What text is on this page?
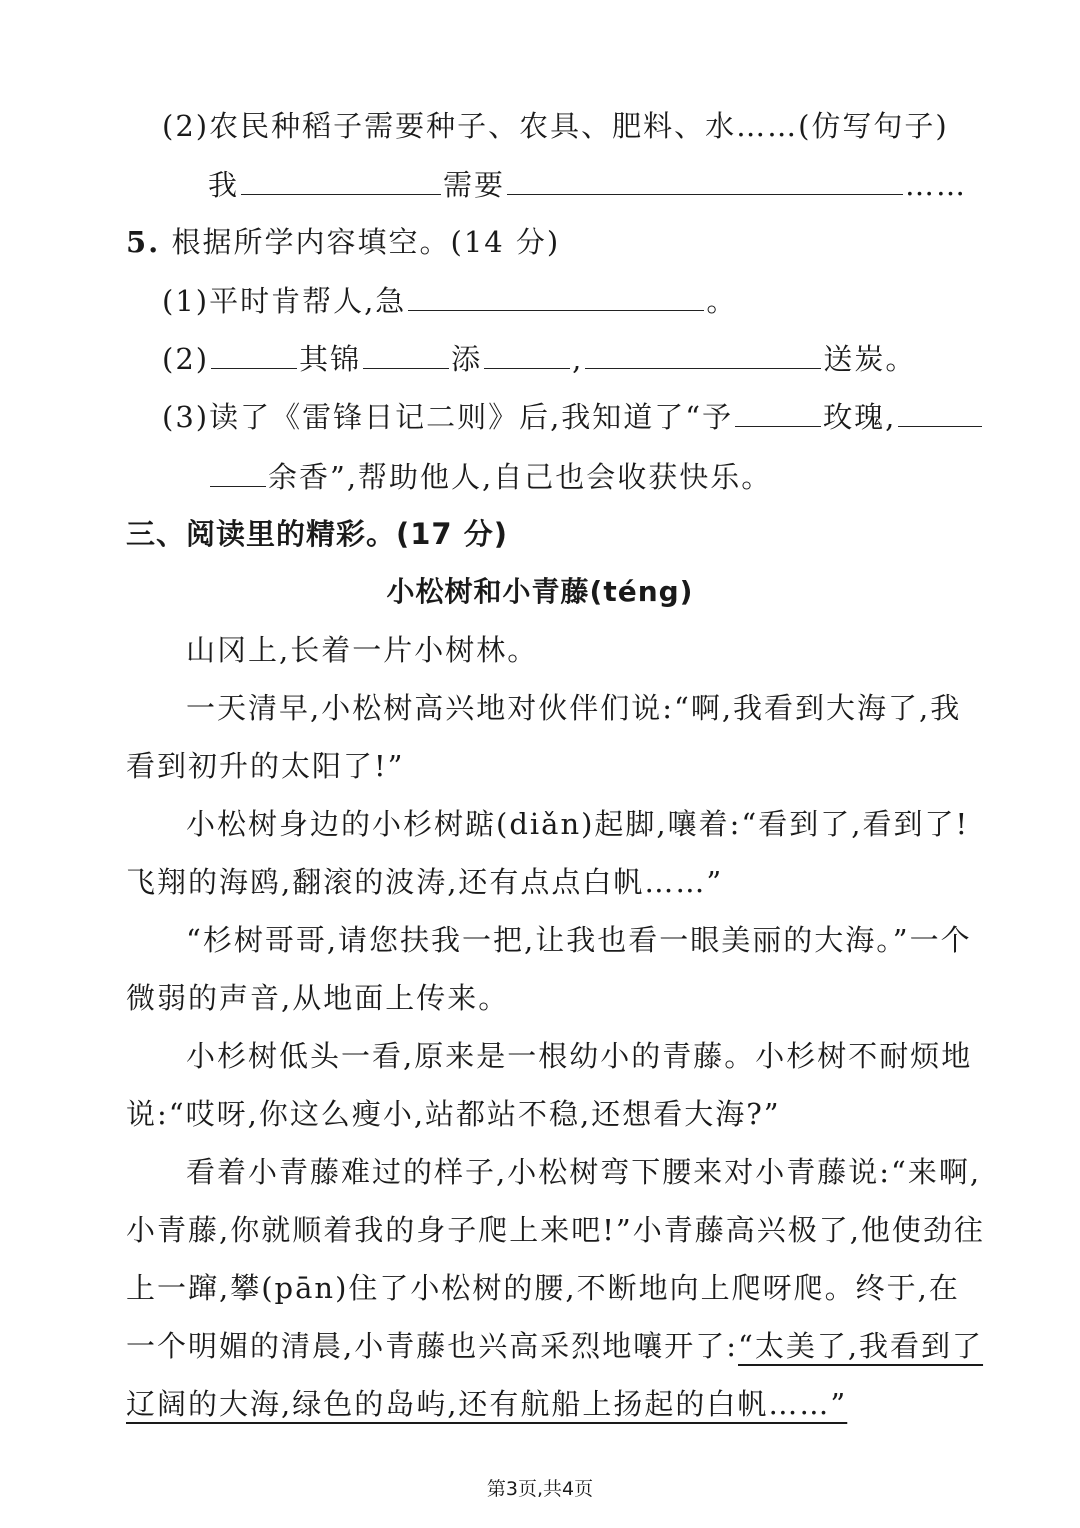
(2)农民种稻子需要种子、农具、肥料、水……(仿写句子)
我	需要	……
5. 根据所学内容填空。(14 分)
(1)平时肯帮人,急	。
(2)	其锦	添	,	送炭。
(3)读了《雷锋日记二则》后,我知道了“予	玫瑰,
余香”,帮助他人,自己也会收获快乐。
三、阅读里的精彩。(17 分)
小松树和小青藤(téng)
山冈上,长着一片小树林。
一天清早,小松树高兴地对伙伴们说:“啊,我看到大海了,我
看到初升的太阳了!”
小松树身边的小杉树踮(diǎn)起脚,嚷着:“看到了,看到了!
飞翔的海鸥,翻滚的波涛,还有点点白帆……”
“杉树哥哥,请您扶我一把,让我也看一眼美丽的大海。”一个
微弱的声音,从地面上传来。
小杉树低头一看,原来是一根幼小的青藤。小杉树不耐烦地
说:“哎呀,你这么瘦小,站都站不稳,还想看大海?”
看着小青藤难过的样子,小松树弯下腰来对小青藤说:“来啊,
小青藤,你就顺着我的身子爬上来吧!”小青藤高兴极了,他使劲往
上一蹿,攀(pān)住了小松树的腰,不断地向上爬呀爬。终于,在
一个明媚的清晨,小青藤也兴高采烈地嚷开了:“太美了,我看到了
辽阔的大海,绿色的岛屿,还有航船上扬起的白帆……”
第3页,共4页
